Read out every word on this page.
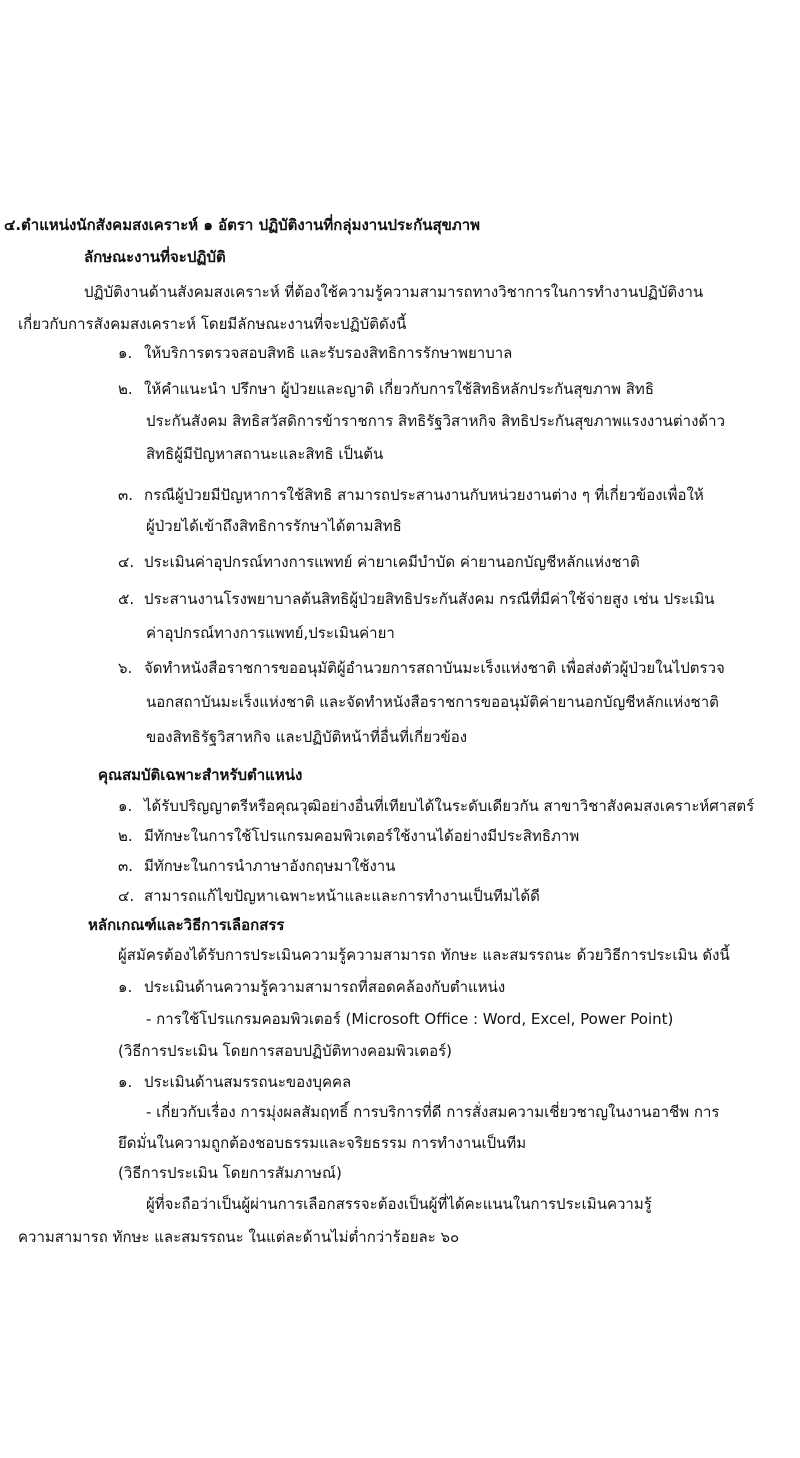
๔.ตำแหน่งนักสังคมสงเคราะห์ ๑ อัตรา ปฏิบัติงานที่กลุ่มงานประกันสุขภาพ
ลักษณะงานที่จะปฏิบัติ
ปฏิบัติงานด้านสังคมสงเคราะห์ ที่ต้องใช้ความรู้ความสามารถทางวิชาการในการทำงานปฏิบัติงาน
เกี่ยวกับการสังคมสงเคราะห์ โดยมีลักษณะงานที่จะปฏิบัติดังนี้
๑. ให้บริการตรวจสอบสิทธิ และรับรองสิทธิการรักษาพยาบาล
๒. ให้คำแนะนำ ปรึกษา ผู้ป่วยและญาติ เกี่ยวกับการใช้สิทธิหลักประกันสุขภาพ สิทธิ
ประกันสังคม สิทธิสวัสดิการข้าราชการ สิทธิรัฐวิสาหกิจ สิทธิประกันสุขภาพแรงงานต่างด้าว
สิทธิผู้มีปัญหาสถานะและสิทธิ เป็นต้น
๓. กรณีผู้ป่วยมีปัญหาการใช้สิทธิ สามารถประสานงานกับหน่วยงานต่าง ๆ ที่เกี่ยวข้องเพื่อให้
ผู้ป่วยได้เข้าถึงสิทธิการรักษาได้ตามสิทธิ
๔. ประเมินค่าอุปกรณ์ทางการแพทย์ ค่ายาเคมีบำบัด ค่ายานอกบัญชีหลักแห่งชาติ
๕. ประสานงานโรงพยาบาลต้นสิทธิผู้ป่วยสิทธิประกันสังคม กรณีที่มีค่าใช้จ่ายสูง เช่น ประเมิน
ค่าอุปกรณ์ทางการแพทย์,ประเมินค่ายา
๖. จัดทำหนังสือราชการขออนุมัติผู้อำนวยการสถาบันมะเร็งแห่งชาติ เพื่อส่งตัวผู้ป่วยในไปตรวจ
นอกสถาบันมะเร็งแห่งชาติ และจัดทำหนังสือราชการขออนุมัติค่ายานอกบัญชีหลักแห่งชาติ
ของสิทธิรัฐวิสาหกิจ และปฏิบัติหน้าที่อื่นที่เกี่ยวข้อง
คุณสมบัติเฉพาะสำหรับตำแหน่ง
๑. ได้รับปริญญาตรีหรือคุณวุฒิอย่างอื่นที่เทียบได้ในระดับเดียวกัน สาขาวิชาสังคมสงเคราะห์ศาสตร์
๒. มีทักษะในการใช้โปรแกรมคอมพิวเตอร์ใช้งานได้อย่างมีประสิทธิภาพ
๓. มีทักษะในการนำภาษาอังกฤษมาใช้งาน
๔. สามารถแก้ไขปัญหาเฉพาะหน้าและและการทำงานเป็นทีมได้ดี
หลักเกณฑ์และวิธีการเลือกสรร
ผู้สมัครต้องได้รับการประเมินความรู้ความสามารถ ทักษะ และสมรรถนะ ด้วยวิธีการประเมิน ดังนี้
๑. ประเมินด้านความรู้ความสามารถที่สอดคล้องกับตำแหน่ง
- การใช้โปรแกรมคอมพิวเตอร์ (Microsoft Office : Word, Excel, Power Point)
(วิธีการประเมิน โดยการสอบปฏิบัติทางคอมพิวเตอร์)
๑. ประเมินด้านสมรรถนะของบุคคล
- เกี่ยวกับเรื่อง การมุ่งผลสัมฤทธิ์ การบริการที่ดี การสั่งสมความเชี่ยวชาญในงานอาชีพ การ
ยึดมั่นในความถูกต้องชอบธรรมและจริยธรรม การทำงานเป็นทีม
(วิธีการประเมิน โดยการสัมภาษณ์)
ผู้ที่จะถือว่าเป็นผู้ผ่านการเลือกสรรจะต้องเป็นผู้ที่ได้คะแนนในการประเมินความรู้
ความสามารถ ทักษะ และสมรรถนะ ในแต่ละด้านไม่ต่ำกว่าร้อยละ ๖๐
